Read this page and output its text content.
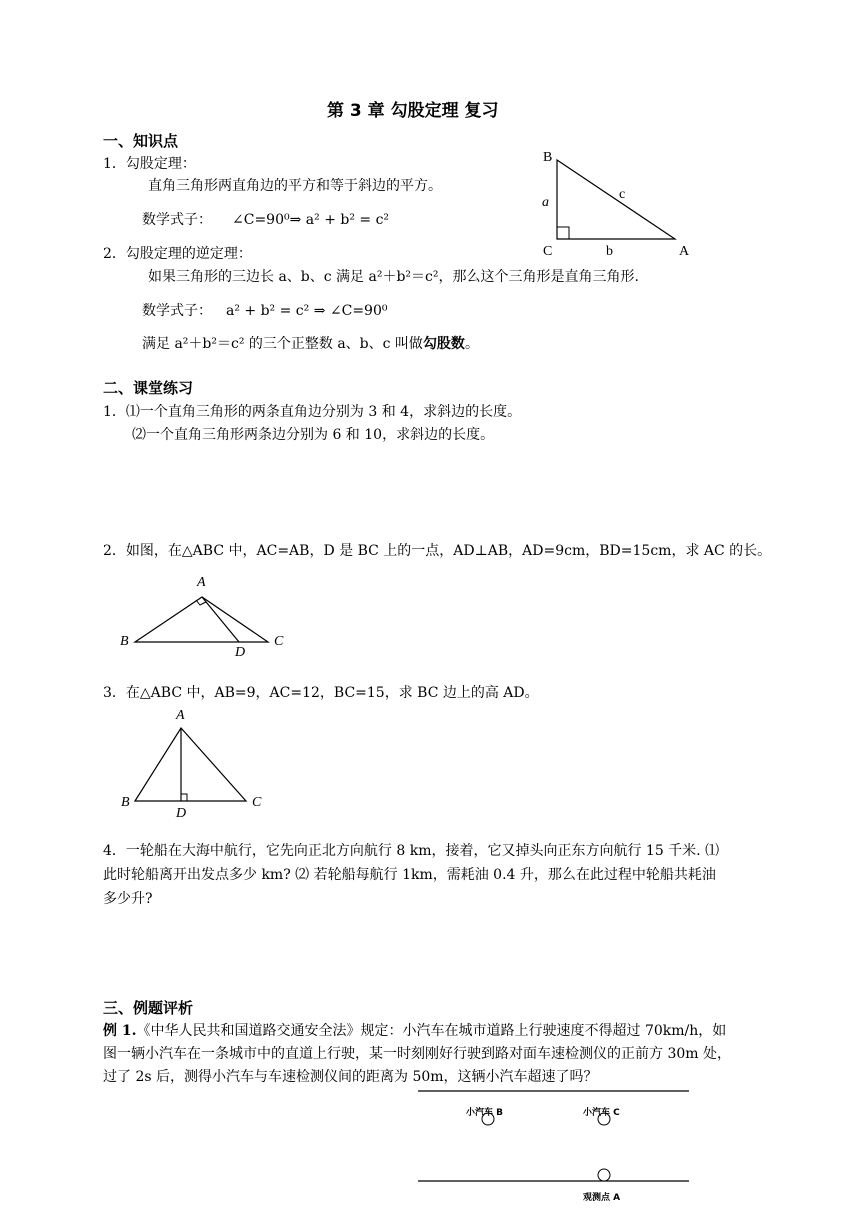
第 3 章 勾股定理 复习
一、知识点
1．勾股定理：
直角三角形两直角边的平方和等于斜边的平方。
数学式子： ∠C=90⁰⇒ a² + b² = c²
2．勾股定理的逆定理：
如果三角形的三边长 a、b、c 满足 a²＋b²＝c²，那么这个三角形是直角三角形.
数学式子： a² + b² = c² ⇒ ∠C=90⁰
满足 a²＋b²＝c² 的三个正整数 a、b、c 叫做勾股数。
B
C	A
a
b
c
二、课堂练习
1．⑴一个直角三角形的两条直角边分别为 3 和 4，求斜边的长度。
⑵一个直角三角形两条边分别为 6 和 10，求斜边的长度。
2．如图，在△ABC 中，AC=AB，D 是 BC 上的一点，AD⊥AB，AD=9cm，BD=15cm，求 AC 的长。
A
B	C
D
3．在△ABC 中，AB=9，AC=12，BC=15，求 BC 边上的高 AD。
A
B	C
D
4．一轮船在大海中航行，它先向正北方向航行 8 km，接着，它又掉头向正东方向航行 15 千米. ⑴
此时轮船离开出发点多少 km? ⑵ 若轮船每航行 1km，需耗油 0.4 升，那么在此过程中轮船共耗油
多少升?
三、例题评析
例 1.《中华人民共和国道路交通安全法》规定：小汽车在城市道路上行驶速度不得超过 70km/h，如
图一辆小汽车在一条城市中的直道上行驶，某一时刻刚好行驶到路对面车速检测仪的正前方 30m 处，
过了 2s 后，测得小汽车与车速检测仪间的距离为 50m，这辆小汽车超速了吗？
小汽车 B	小汽车 C
观测点 A
